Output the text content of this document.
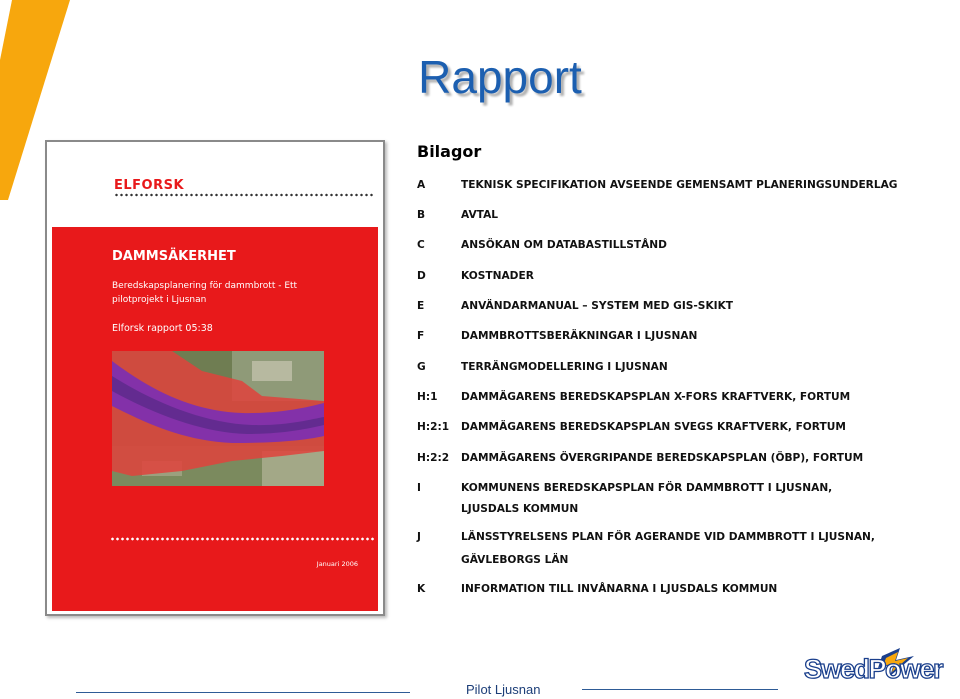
Rapport
ELFORSK
DAMMSÄKERHET
Beredskapsplanering för dammbrott - Ett pilotprojekt i Ljusnan
Elforsk rapport 05:38
Januari 2006
Bilagor
A	TEKNISK SPECIFIKATION AVSEENDE GEMENSAMT PLANERINGSUNDERLAG
B	AVTAL
C	ANSÖKAN OM DATABASTILLSTÅND
D	KOSTNADER
E	ANVÄNDARMANUAL – SYSTEM MED GIS-SKIKT
F	DAMMBROTTSBERÄKNINGAR I LJUSNAN
G	TERRÄNGMODELLERING I LJUSNAN
H:1	DAMMÄGARENS BEREDSKAPSPLAN X-FORS KRAFTVERK, FORTUM
H:2:1	DAMMÄGARENS BEREDSKAPSPLAN SVEGS KRAFTVERK, FORTUM
H:2:2	DAMMÄGARENS ÖVERGRIPANDE BEREDSKAPSPLAN (ÖBP), FORTUM
I	KOMMUNENS BEREDSKAPSPLAN FÖR DAMMBROTT I LJUSNAN,
LJUSDALS KOMMUN
J	LÄNSSTYRELSENS PLAN FÖR AGERANDE VID DAMMBROTT I LJUSNAN,
GÄVLEBORGS LÄN
K	INFORMATION TILL INVÅNARNA I LJUSDALS KOMMUN
Pilot Ljusnan
SwedPower
